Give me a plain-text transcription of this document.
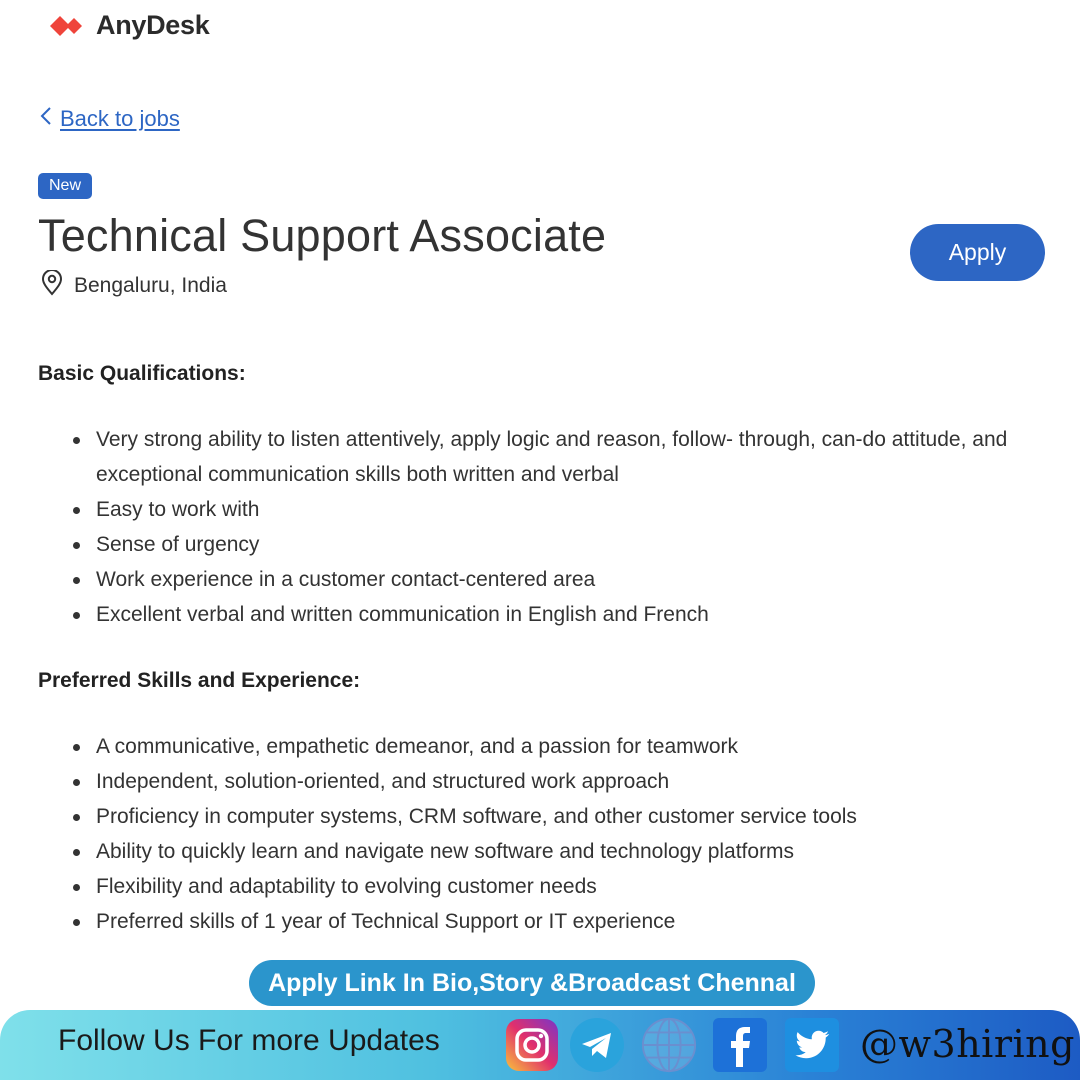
AnyDesk
Back to jobs
New
Technical Support Associate
Bengaluru, India
Apply
Basic Qualifications:
Very strong ability to listen attentively, apply logic and reason, follow- through, can-do attitude, and exceptional communication skills both written and verbal
Easy to work with
Sense of urgency
Work experience in a customer contact-centered area
Excellent verbal and written communication in English and French
Preferred Skills and Experience:
A communicative, empathetic demeanor, and a passion for teamwork
Independent, solution-oriented, and structured work approach
Proficiency in computer systems, CRM software, and other customer service tools
Ability to quickly learn and navigate new software and technology platforms
Flexibility and adaptability to evolving customer needs
Preferred skills of 1 year of Technical Support or IT experience
Apply Link In Bio,Story &Broadcast Chennal
Follow Us For more Updates	@w3hiring
